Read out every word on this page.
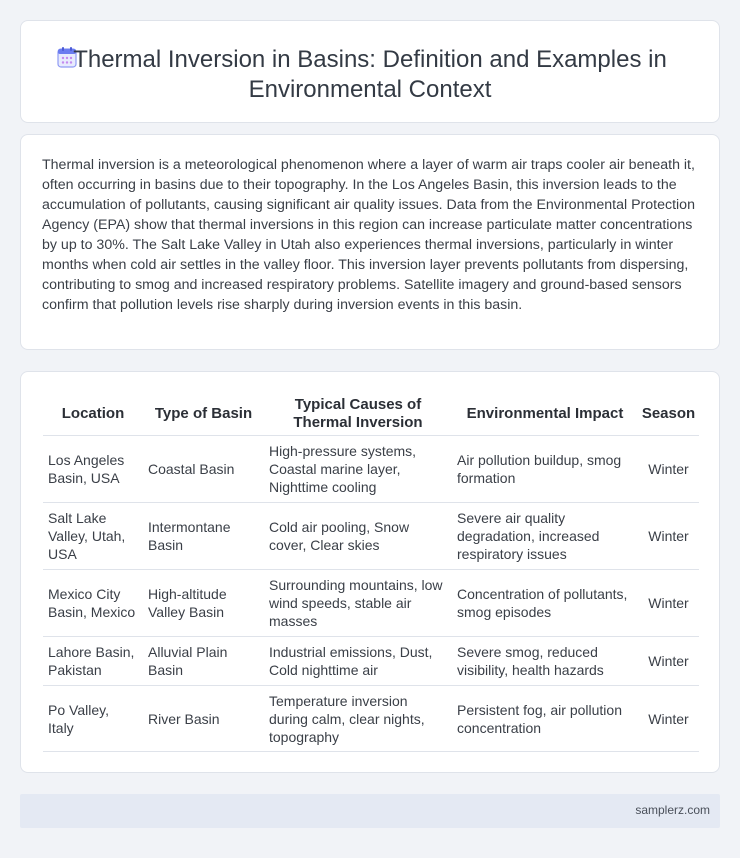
Thermal Inversion in Basins: Definition and Examples in Environmental Context

Thermal inversion is a meteorological phenomenon where a layer of warm air traps cooler air beneath it, often occurring in basins due to their topography. In the Los Angeles Basin, this inversion leads to the accumulation of pollutants, causing significant air quality issues. Data from the Environmental Protection Agency (EPA) show that thermal inversions in this region can increase particulate matter concentrations by up to 30%. The Salt Lake Valley in Utah also experiences thermal inversions, particularly in winter months when cold air settles in the valley floor. This inversion layer prevents pollutants from dispersing, contributing to smog and increased respiratory problems. Satellite imagery and ground-based sensors confirm that pollution levels rise sharply during inversion events in this basin.

Location	Type of Basin	Typical Causes of Thermal Inversion	Environmental Impact	Season
Los Angeles Basin, USA	Coastal Basin	High-pressure systems, Coastal marine layer, Nighttime cooling	Air pollution buildup, smog formation	Winter
Salt Lake Valley, Utah, USA	Intermontane Basin	Cold air pooling, Snow cover, Clear skies	Severe air quality degradation, increased respiratory issues	Winter
Mexico City Basin, Mexico	High-altitude Valley Basin	Surrounding mountains, low wind speeds, stable air masses	Concentration of pollutants, smog episodes	Winter
Lahore Basin, Pakistan	Alluvial Plain Basin	Industrial emissions, Dust, Cold nighttime air	Severe smog, reduced visibility, health hazards	Winter
Po Valley, Italy	River Basin	Temperature inversion during calm, clear nights, topography	Persistent fog, air pollution concentration	Winter
samplerz.com
